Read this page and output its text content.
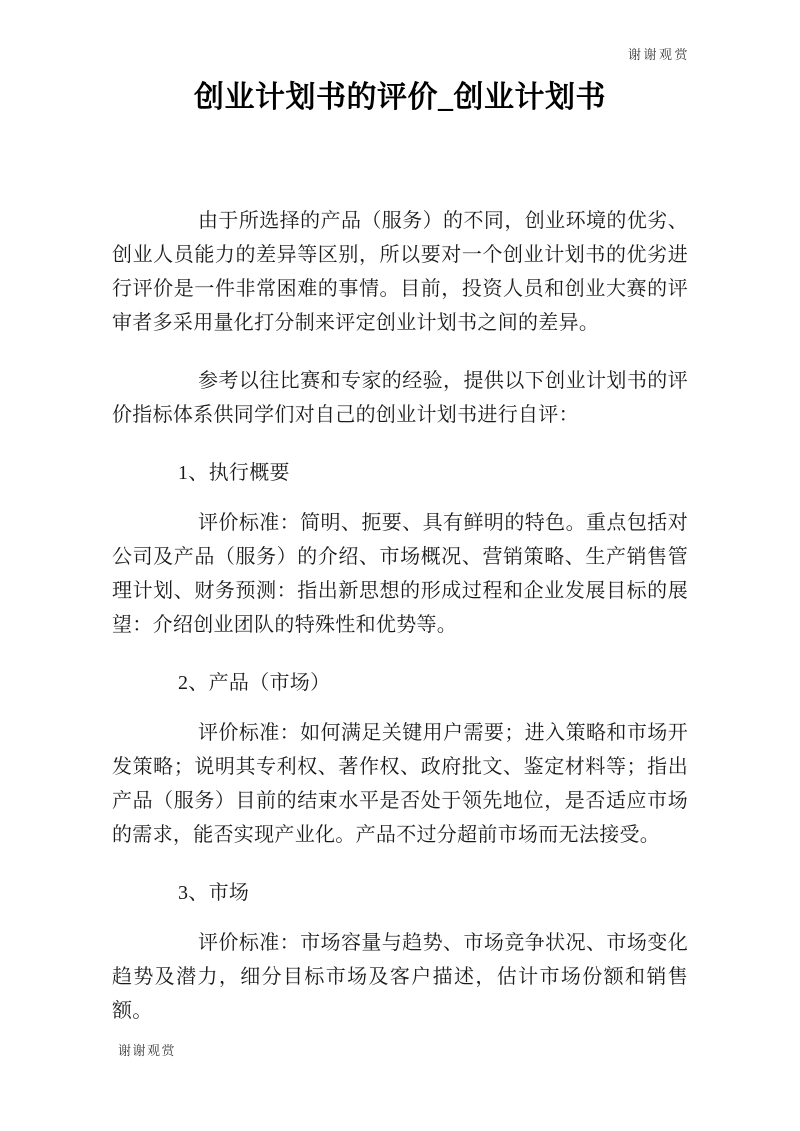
谢谢观赏
创业计划书的评价_创业计划书
由于所选择的产品（服务）的不同，创业环境的优劣、创业人员能力的差异等区别，所以要对一个创业计划书的优劣进行评价是一件非常困难的事情。目前，投资人员和创业大赛的评审者多采用量化打分制来评定创业计划书之间的差异。
参考以往比赛和专家的经验，提供以下创业计划书的评价指标体系供同学们对自己的创业计划书进行自评：
1、执行概要
评价标准：简明、扼要、具有鲜明的特色。重点包括对公司及产品（服务）的介绍、市场概况、营销策略、生产销售管理计划、财务预测：指出新思想的形成过程和企业发展目标的展望：介绍创业团队的特殊性和优势等。
2、产品（市场）
评价标准：如何满足关键用户需要；进入策略和市场开发策略；说明其专利权、著作权、政府批文、鉴定材料等；指出产品（服务）目前的结束水平是否处于领先地位，是否适应市场的需求，能否实现产业化。产品不过分超前市场而无法接受。
3、市场
评价标准：市场容量与趋势、市场竞争状况、市场变化趋势及潜力，细分目标市场及客户描述，估计市场份额和销售额。
谢谢观赏
